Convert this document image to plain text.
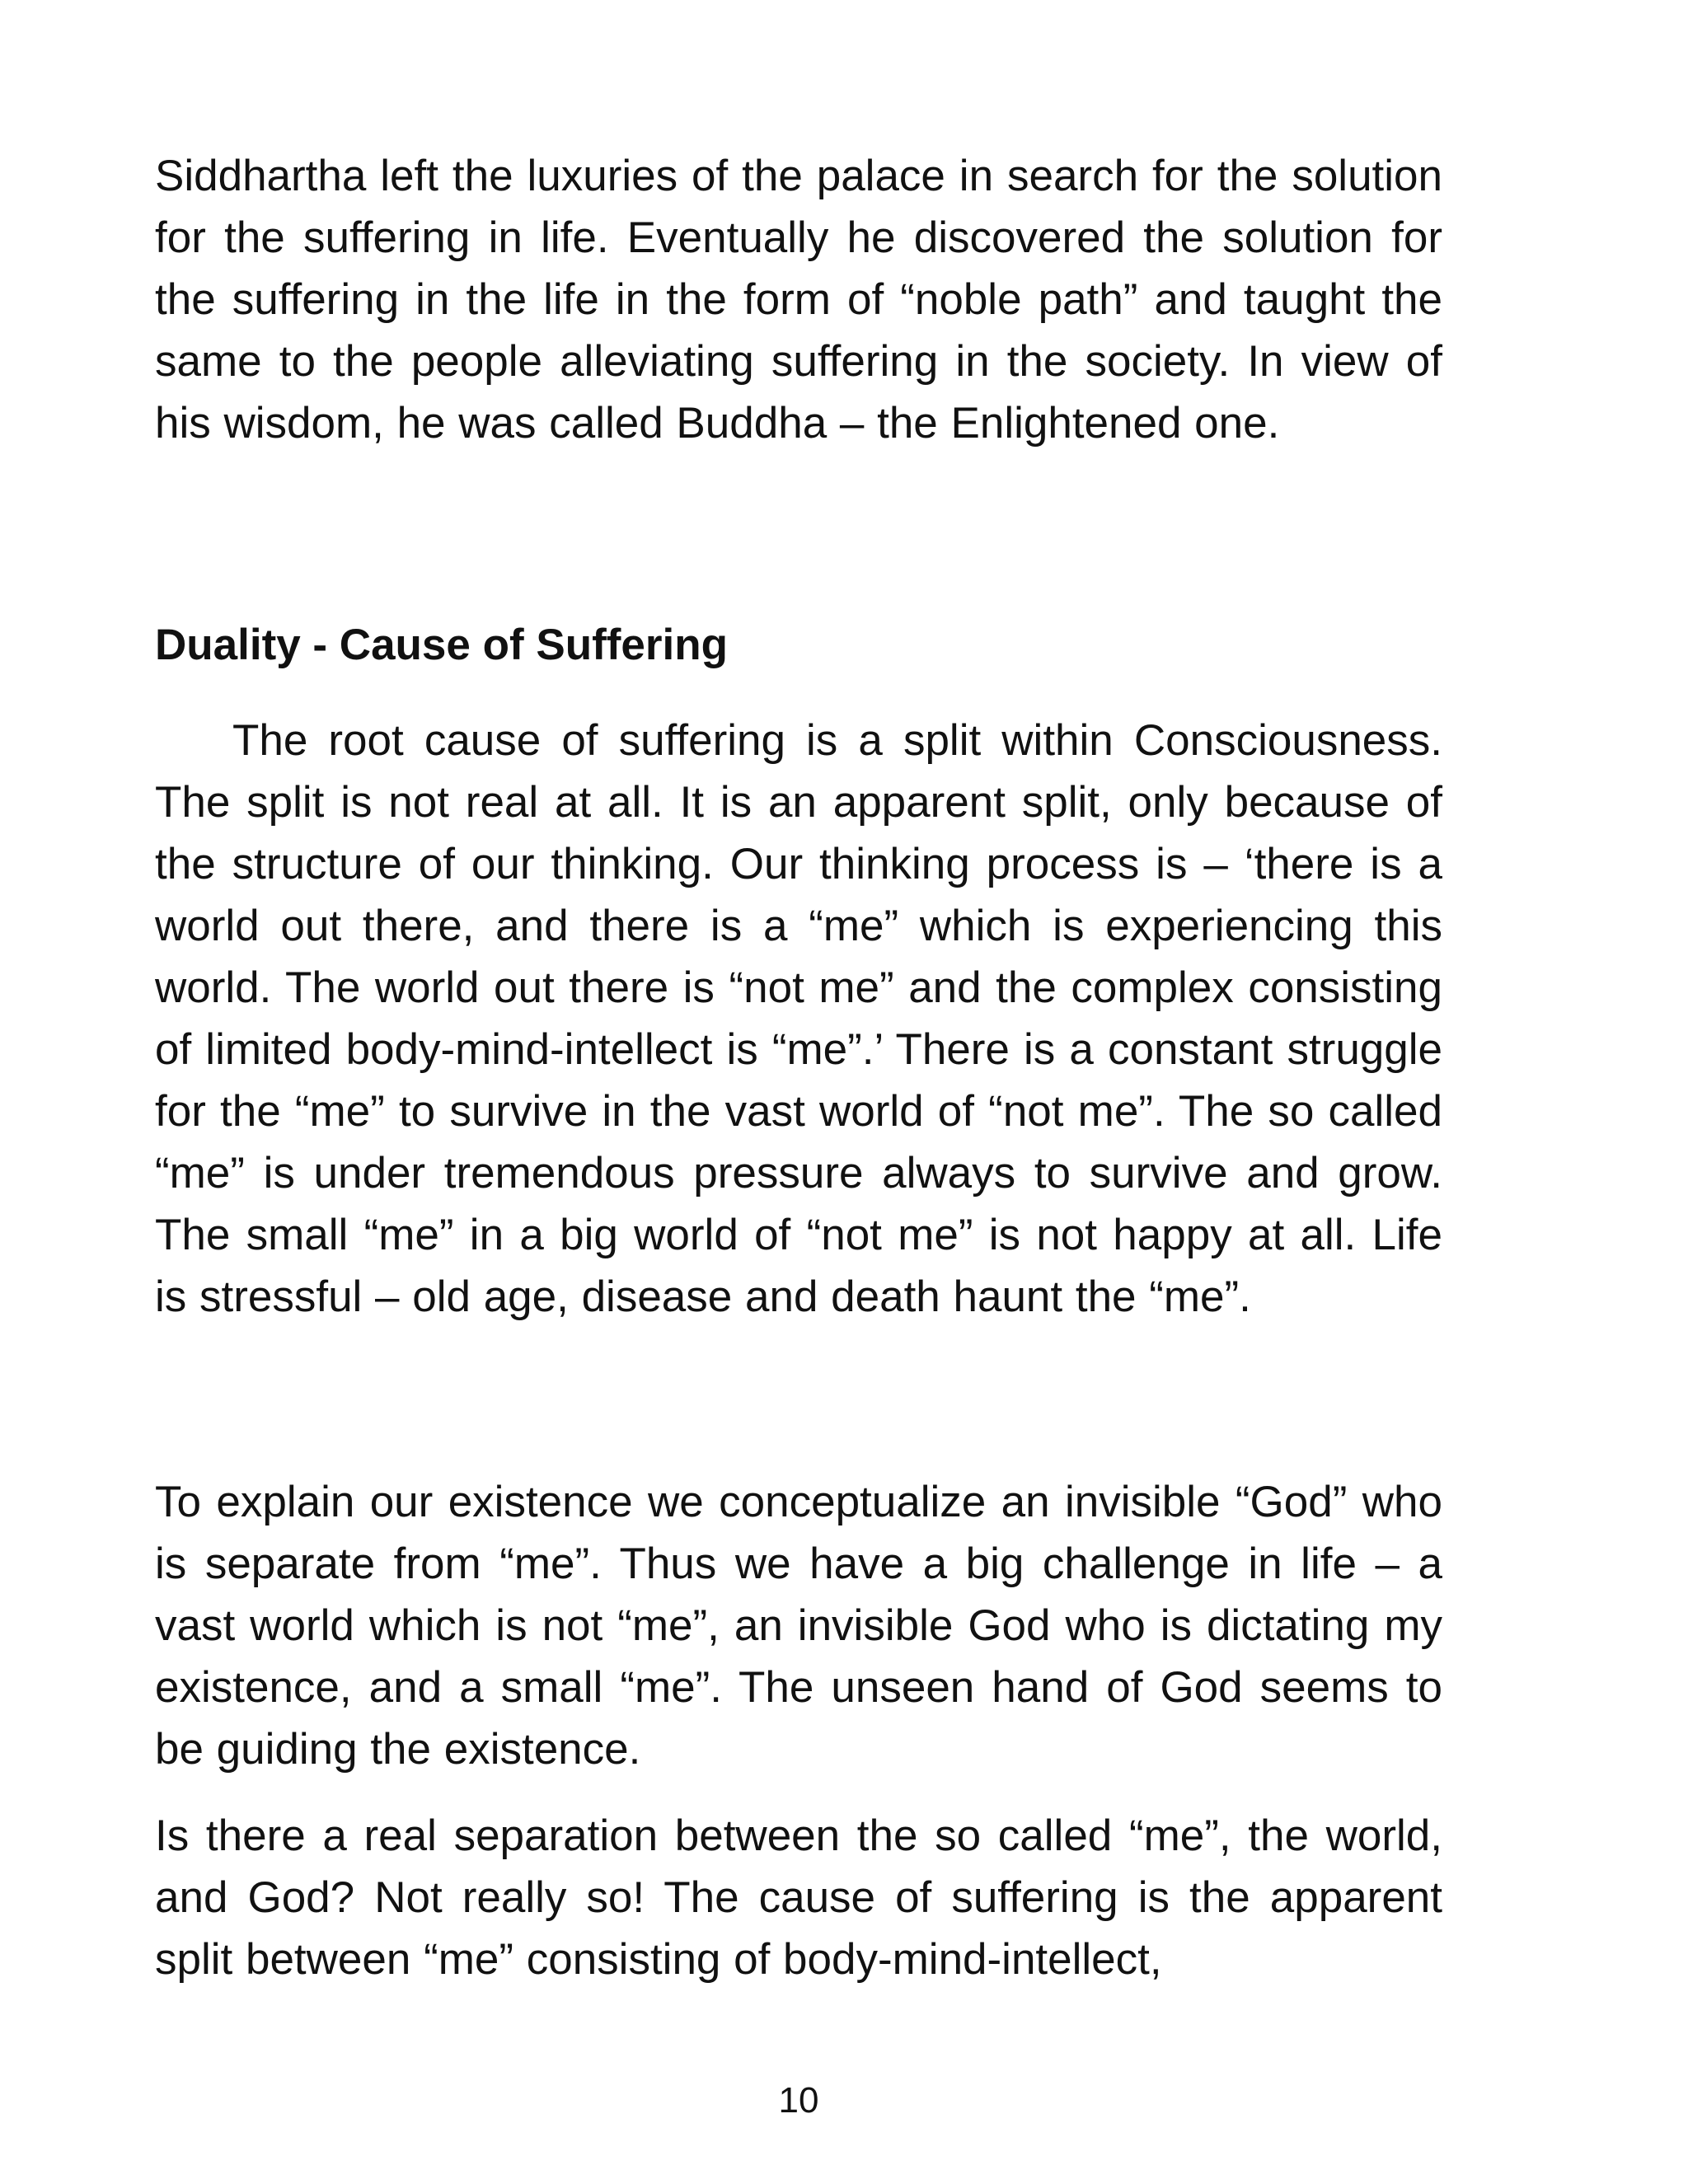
Siddhartha left the luxuries of the palace in search for the solution for the suffering in life. Eventually he discovered the solution for the suffering in the life in the form of “noble path” and taught the same to the people alleviating suffering in the society. In view of his wisdom, he was called Buddha – the Enlightened one.

Duality - Cause of Suffering

The root cause of suffering is a split within Consciousness. The split is not real at all. It is an apparent split, only because of the structure of our thinking. Our thinking process is – ‘there is a world out there, and there is a “me” which is experiencing this world. The world out there is “not me” and the complex consisting of limited body-mind-intellect is “me”.’ There is a constant struggle for the “me” to survive in the vast world of “not me”. The so called “me” is under tremendous pressure always to survive and grow. The small “me” in a big world of “not me” is not happy at all. Life is stressful – old age, disease and death haunt the “me”.

To explain our existence we conceptualize an invisible “God” who is separate from “me”. Thus we have a big challenge in life – a vast world which is not “me”, an invisible God who is dictating my existence, and a small “me”. The unseen hand of God seems to be guiding the existence.

Is there a real separation between the so called “me”, the world, and God? Not really so! The cause of suffering is the apparent split between “me” consisting of body-mind-intellect,

10
